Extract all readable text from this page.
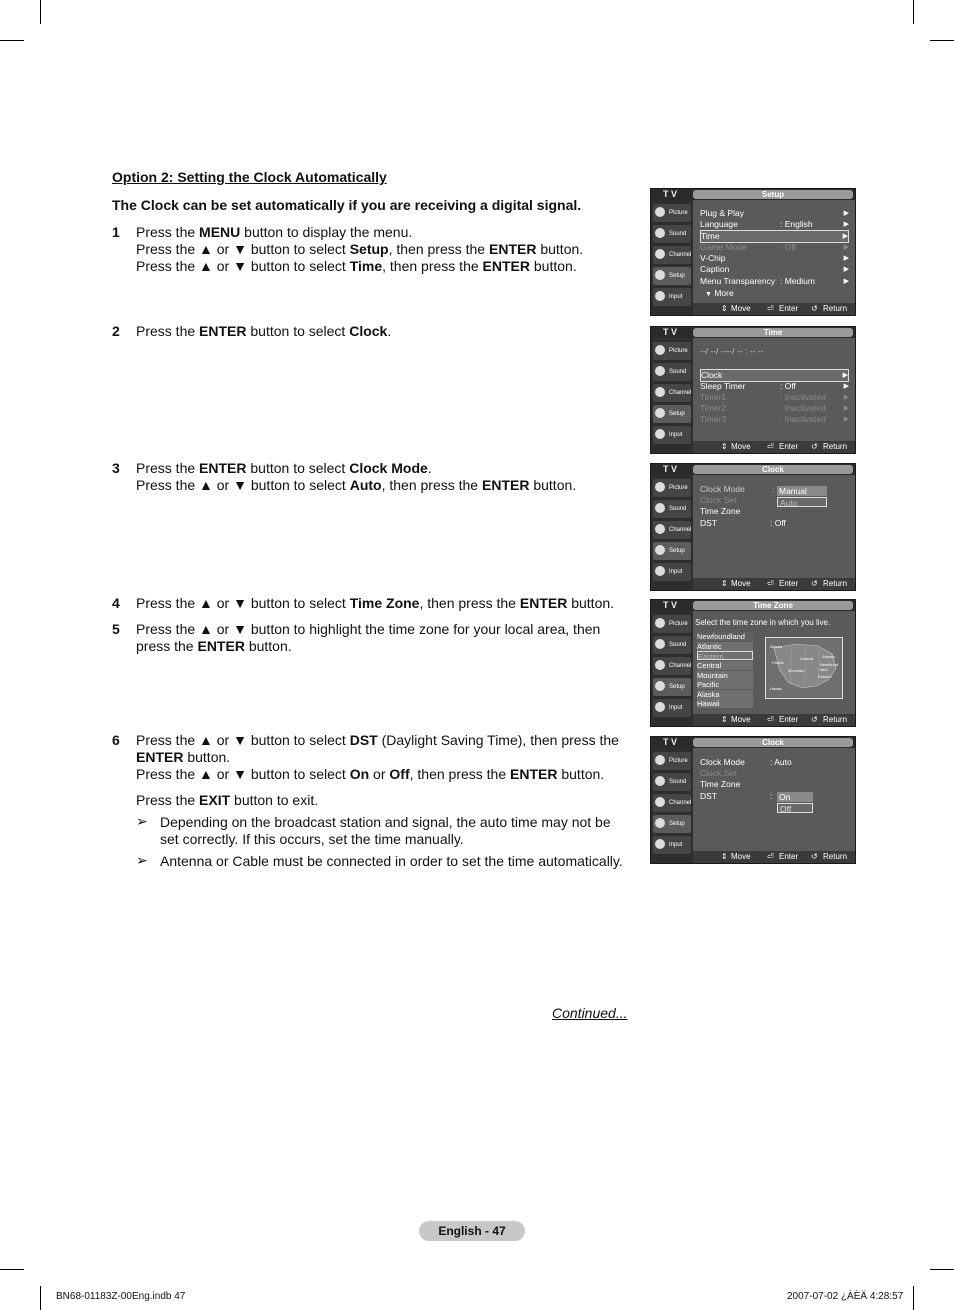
Option 2: Setting the Clock Automatically
The Clock can be set automatically if you are receiving a digital signal.
1 Press the MENU button to display the menu.
Press the ▲ or ▼ button to select Setup, then press the ENTER button.
Press the ▲ or ▼ button to select Time, then press the ENTER button.
2 Press the ENTER button to select Clock.
3 Press the ENTER button to select Clock Mode.
Press the ▲ or ▼ button to select Auto, then press the ENTER button.
4 Press the ▲ or ▼ button to select Time Zone, then press the ENTER button.
5 Press the ▲ or ▼ button to highlight the time zone for your local area, then
press the ENTER button.
6 Press the ▲ or ▼ button to select DST (Daylight Saving Time), then press the
ENTER button.
Press the ▲ or ▼ button to select On or Off, then press the ENTER button.
Press the EXIT button to exit.
➢ Depending on the broadcast station and signal, the auto time may not be set correctly. If this occurs, set the time manually.
➢ Antenna or Cable must be connected in order to set the time automatically.
Continued...
T V	Setup
Picture
Sound
Channel
Setup
Input
Plug & Play	▶
Language	: English	▶
Time	▶
Game Mode	: Off	▶
V-Chip	▶
Caption	▶
Menu Transparency : Medium	▶
▼ More
⇕ Move ⏎ Enter ↺ Return
T V	Time
Picture
Sound
Channel
Setup
Input
--/ --/ ----/ -- : -- --
Clock	▶
Sleep Timer	: Off	▶
Timer1	: Inactivated	▶
Timer2	: Inactivated	▶
Timer3	: Inactivated	▶
⇕ Move ⏎ Enter ↺ Return
T V	Clock
Picture
Sound
Channel
Setup
Input
Clock Mode	:
Clock Set
Time Zone
DST	: Off
Manual
Auto
⇕ Move ⏎ Enter ↺ Return
T V	Time Zone
Picture
Sound
Channel
Setup
Input
Select the time zone in which you live.
Newfoundland
Atlantic
Eastern
Central
Mountain
Pacific
Alaska
Hawaii
Alaska
Pacific
Mountain
Central
Eastern
Atlantic
Newfound land
Hawaii
⇕ Move ⏎ Enter ↺ Return
T V	Clock
Picture
Sound
Channel
Setup
Input
Clock Mode	: Auto
Clock Set
Time Zone
DST	: On
Off
⇕ Move ⏎ Enter ↺ Return
English - 47
BN68-01183Z-00Eng.indb 47	2007-07-02 ¿ÀÈÄ 4:28:57
